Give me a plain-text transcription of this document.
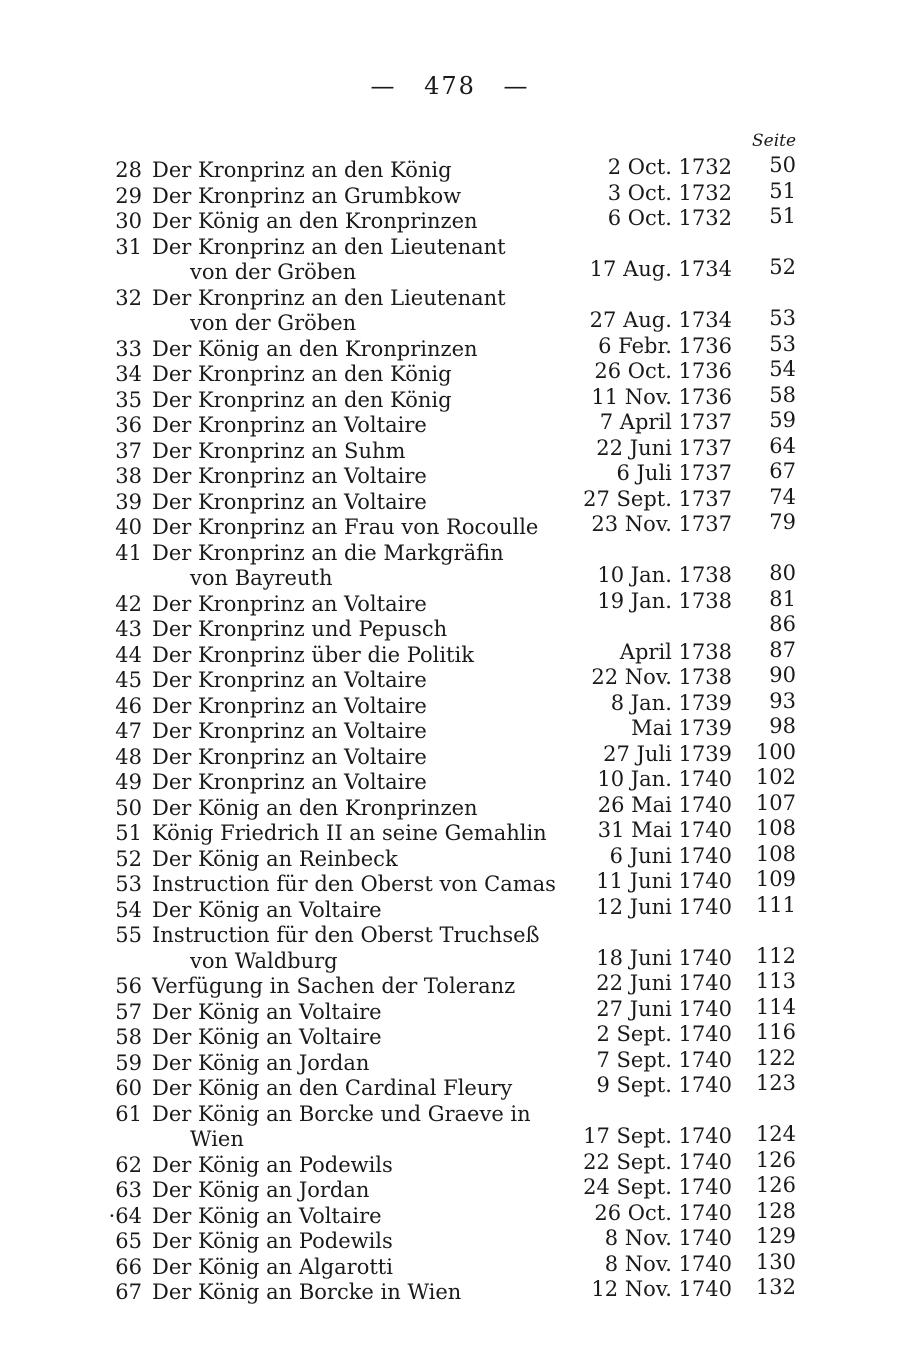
— 478 —
Seite
28 Der Kronprinz an den König	2 Oct. 1732 50
29 Der Kronprinz an Grumbkow	3 Oct. 1732 51
30 Der König an den Kronprinzen	6 Oct. 1732 51
31 Der Kronprinz an den Lieutenant
von der Gröben	17 Aug. 1734 52
32 Der Kronprinz an den Lieutenant
von der Gröben	27 Aug. 1734 53
33 Der König an den Kronprinzen	6 Febr. 1736 53
34 Der Kronprinz an den König	26 Oct. 1736 54
35 Der Kronprinz an den König	11 Nov. 1736 58
36 Der Kronprinz an Voltaire	7 April 1737 59
37 Der Kronprinz an Suhm	22 Juni 1737 64
38 Der Kronprinz an Voltaire	6 Juli 1737 67
39 Der Kronprinz an Voltaire	27 Sept. 1737 74
40 Der Kronprinz an Frau von Rocoulle	23 Nov. 1737 79
41 Der Kronprinz an die Markgräfin
von Bayreuth	10 Jan. 1738 80
42 Der Kronprinz an Voltaire	19 Jan. 1738 81
43 Der Kronprinz und Pepusch	86
44 Der Kronprinz über die Politik	April 1738 87
45 Der Kronprinz an Voltaire	22 Nov. 1738 90
46 Der Kronprinz an Voltaire	8 Jan. 1739 93
47 Der Kronprinz an Voltaire	Mai 1739 98
48 Der Kronprinz an Voltaire	27 Juli 1739 100
49 Der Kronprinz an Voltaire	10 Jan. 1740 102
50 Der König an den Kronprinzen	26 Mai 1740 107
51 König Friedrich II an seine Gemahlin	31 Mai 1740 108
52 Der König an Reinbeck	6 Juni 1740 108
53 Instruction für den Oberst von Camas	11 Juni 1740 109
54 Der König an Voltaire	12 Juni 1740 111
55 Instruction für den Oberst Truchseß
von Waldburg	18 Juni 1740 112
56 Verfügung in Sachen der Toleranz	22 Juni 1740 113
57 Der König an Voltaire	27 Juni 1740 114
58 Der König an Voltaire	2 Sept. 1740 116
59 Der König an Jordan	7 Sept. 1740 122
60 Der König an den Cardinal Fleury	9 Sept. 1740 123
61 Der König an Borcke und Graeve in
Wien	17 Sept. 1740 124
62 Der König an Podewils	22 Sept. 1740 126
63 Der König an Jordan	24 Sept. 1740 126
·64 Der König an Voltaire	26 Oct. 1740 128
65 Der König an Podewils	8 Nov. 1740 129
66 Der König an Algarotti	8 Nov. 1740 130
67 Der König an Borcke in Wien	12 Nov. 1740 132
